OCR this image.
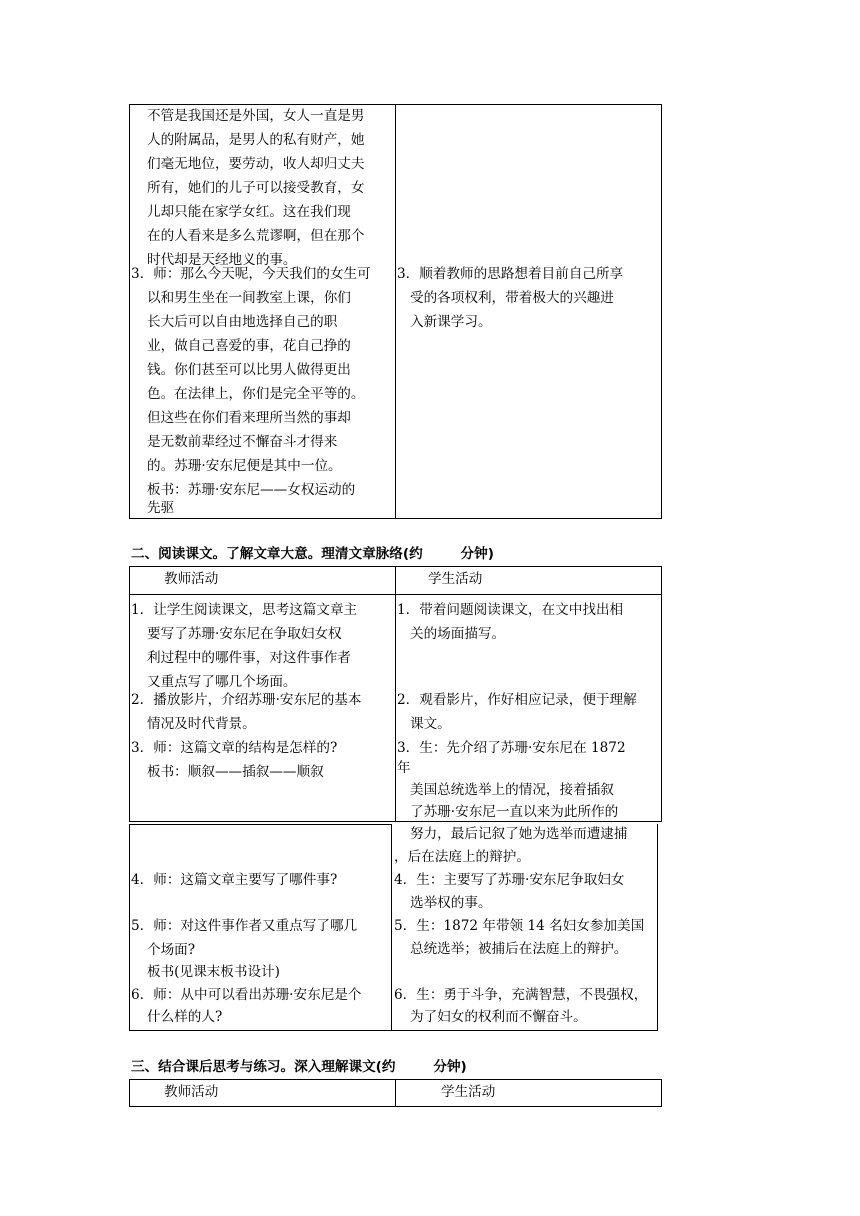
不管是我国还是外国，女人一直是男
人的附属品，是男人的私有财产，她
们毫无地位，要劳动，收人却归丈夫
所有，她们的儿子可以接受教育，女
儿却只能在家学女红。这在我们现
在的人看来是多么荒谬啊，但在那个
时代却是天经地义的事。
3．师：那么今天呢，今天我们的女生可
以和男生坐在一间教室上课，你们
长大后可以自由地选择自己的职
业，做自己喜爱的事，花自己挣的
钱。你们甚至可以比男人做得更出
色。在法律上，你们是完全平等的。
但这些在你们看来理所当然的事却
是无数前辈经过不懈奋斗才得来
的。苏珊·安东尼便是其中一位。
板书：苏珊·安东尼——女权运动的
先驱
3．顺着教师的思路想着目前自己所享
受的各项权利，带着极大的兴趣进
入新课学习。
二、阅读课文。了解文章大意。理清文章脉络(约        分钟)
教师活动	学生活动
1．让学生阅读课文，思考这篇文章主
要写了苏珊·安东尼在争取妇女权
利过程中的哪件事，对这件事作者
又重点写了哪几个场面。
2．播放影片，介绍苏珊·安东尼的基本
情况及时代背景。
3．师：这篇文章的结构是怎样的?
板书：顺叙——插叙——顺叙
1．带着问题阅读课文，在文中找出相
关的场面描写。
2．观看影片，作好相应记录，便于理解
课文。
3．生：先介绍了苏珊·安东尼在 1872
年
美国总统选举上的情况，接着插叙
了苏珊·安东尼一直以来为此所作的
4．师：这篇文章主要写了哪件事?
5．师：对这件事作者又重点写了哪几
个场面?
板书(见课末板书设计)
6．师：从中可以看出苏珊·安东尼是个
什么样的人?
努力，最后记叙了她为选举而遭逮捕
，后在法庭上的辩护。
4．生：主要写了苏珊·安东尼争取妇女
选举权的事。
5．生：1872 年带领 14 名妇女参加美国
总统选举；被捕后在法庭上的辩护。
6．生：勇于斗争，充满智慧，不畏强权，
为了妇女的权利而不懈奋斗。
三、结合课后思考与练习。深入理解课文(约        分钟)
教师活动	学生活动
